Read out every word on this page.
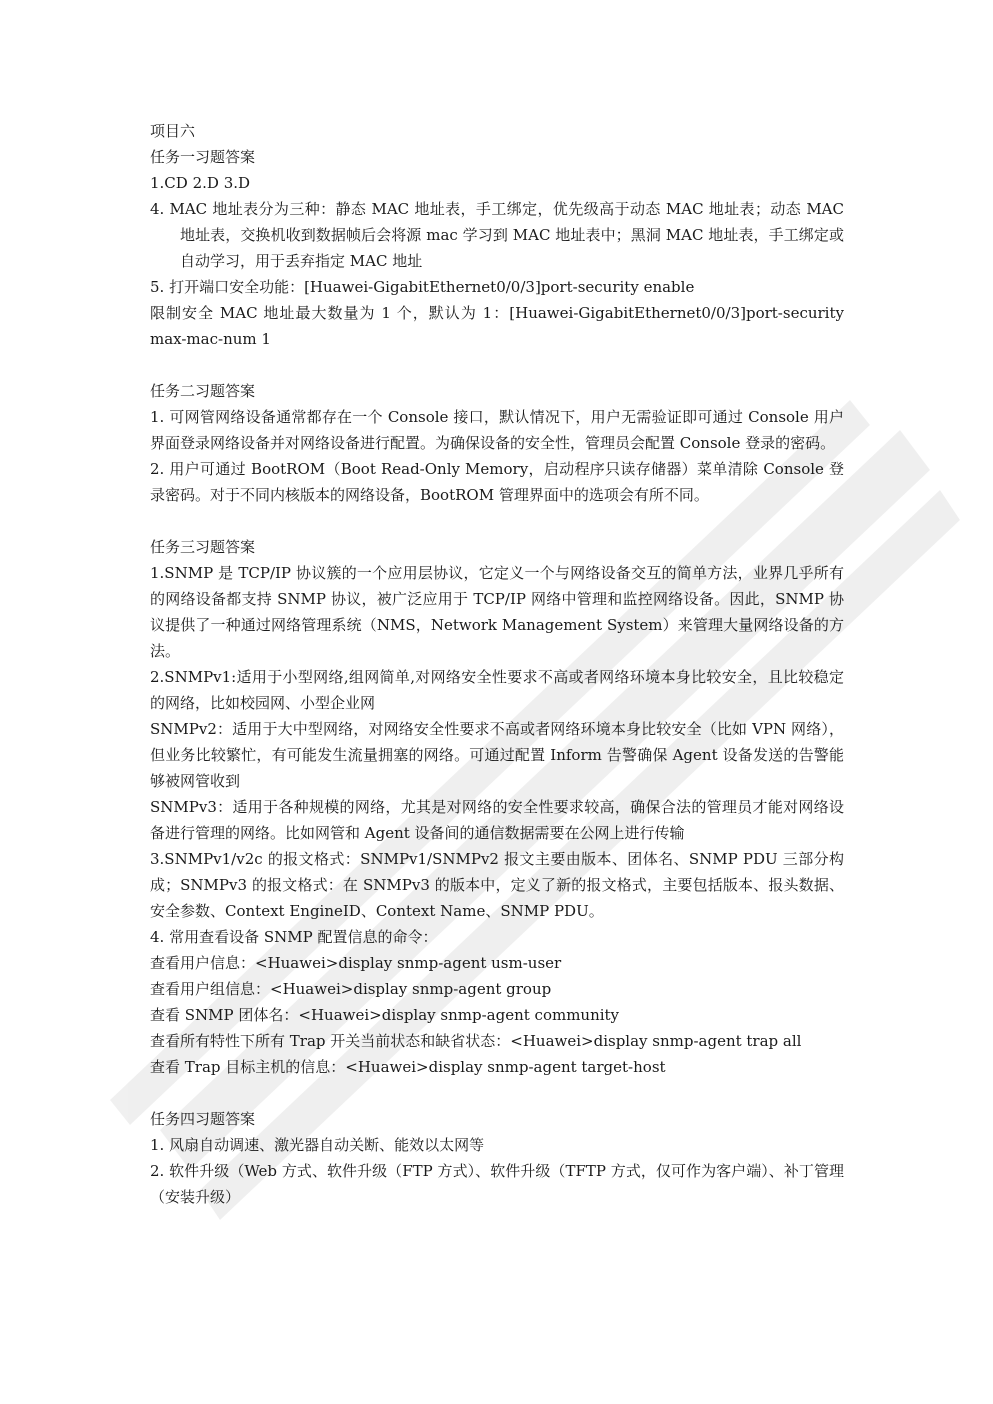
项目六
任务一习题答案
1.CD 2.D 3.D
4. MAC 地址表分为三种：静态 MAC 地址表，手工绑定，优先级高于动态 MAC 地址表；动态 MAC 地址表，交换机收到数据帧后会将源 mac 学习到 MAC 地址表中；黑洞 MAC 地址表，手工绑定或自动学习，用于丢弃指定 MAC 地址
5. 打开端口安全功能：[Huawei-GigabitEthernet0/0/3]port-security enable
限制安全 MAC 地址最大数量为 1 个，默认为 1：[Huawei-GigabitEthernet0/0/3]port-security max-mac-num 1
任务二习题答案
1. 可网管网络设备通常都存在一个 Console 接口，默认情况下，用户无需验证即可通过 Console 用户界面登录网络设备并对网络设备进行配置。为确保设备的安全性，管理员会配置 Console 登录的密码。
2. 用户可通过 BootROM（Boot Read-Only Memory，启动程序只读存储器）菜单清除 Console 登录密码。对于不同内核版本的网络设备，BootROM 管理界面中的选项会有所不同。
任务三习题答案
1.SNMP 是 TCP/IP 协议簇的一个应用层协议，它定义一个与网络设备交互的简单方法，业界几乎所有的网络设备都支持 SNMP 协议，被广泛应用于 TCP/IP 网络中管理和监控网络设备。因此，SNMP 协议提供了一种通过网络管理系统（NMS，Network Management System）来管理大量网络设备的方法。
2.SNMPv1:适用于小型网络,组网简单,对网络安全性要求不高或者网络环境本身比较安全，且比较稳定的网络，比如校园网、小型企业网
SNMPv2：适用于大中型网络，对网络安全性要求不高或者网络环境本身比较安全（比如 VPN 网络），但业务比较繁忙，有可能发生流量拥塞的网络。可通过配置 Inform 告警确保 Agent 设备发送的告警能够被网管收到
SNMPv3：适用于各种规模的网络，尤其是对网络的安全性要求较高，确保合法的管理员才能对网络设备进行管理的网络。比如网管和 Agent 设备间的通信数据需要在公网上进行传输
3.SNMPv1/v2c 的报文格式：SNMPv1/SNMPv2 报文主要由版本、团体名、SNMP PDU 三部分构成；SNMPv3 的报文格式：在 SNMPv3 的版本中，定义了新的报文格式，主要包括版本、报头数据、安全参数、Context EngineID、Context Name、SNMP PDU。
4. 常用查看设备 SNMP 配置信息的命令：
查看用户信息：<Huawei>display snmp-agent usm-user
查看用户组信息：<Huawei>display snmp-agent group
查看 SNMP 团体名：<Huawei>display snmp-agent community
查看所有特性下所有 Trap 开关当前状态和缺省状态：<Huawei>display snmp-agent trap all
查看 Trap 目标主机的信息：<Huawei>display snmp-agent target-host
任务四习题答案
1. 风扇自动调速、激光器自动关断、能效以太网等
2. 软件升级（Web 方式、软件升级（FTP 方式）、软件升级（TFTP 方式，仅可作为客户端）、补丁管理（安装升级）
